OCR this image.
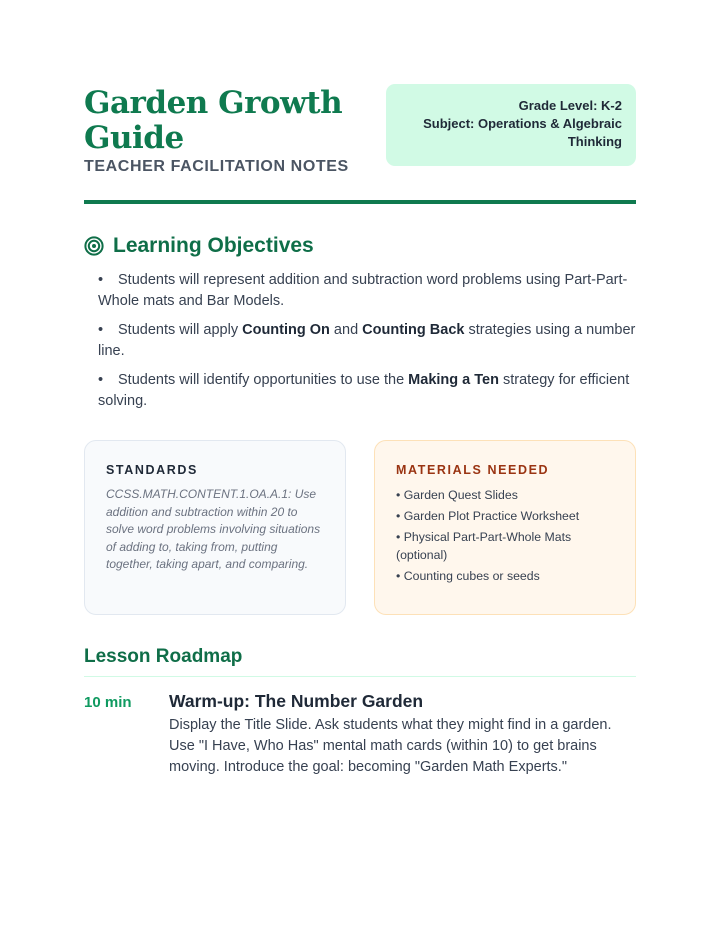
Garden Growth
Guide
TEACHER FACILITATION NOTES
Grade Level: K-2
Subject: Operations & Algebraic
Thinking
Learning Objectives
• Students will represent addition and subtraction word problems using Part-Part-Whole mats and Bar Models.
• Students will apply Counting On and Counting Back strategies using a number line.
• Students will identify opportunities to use the Making a Ten strategy for efficient solving.
STANDARDS
CCSS.MATH.CONTENT.1.OA.A.1: Use addition and subtraction within 20 to solve word problems involving situations of adding to, taking from, putting together, taking apart, and comparing.
MATERIALS NEEDED
• Garden Quest Slides
• Garden Plot Practice Worksheet
• Physical Part-Part-Whole Mats (optional)
• Counting cubes or seeds
Lesson Roadmap
10 min Warm-up: The Number Garden
Display the Title Slide. Ask students what they might find in a garden. Use "I Have, Who Has" mental math cards (within 10) to get brains moving. Introduce the goal: becoming "Garden Math Experts."
